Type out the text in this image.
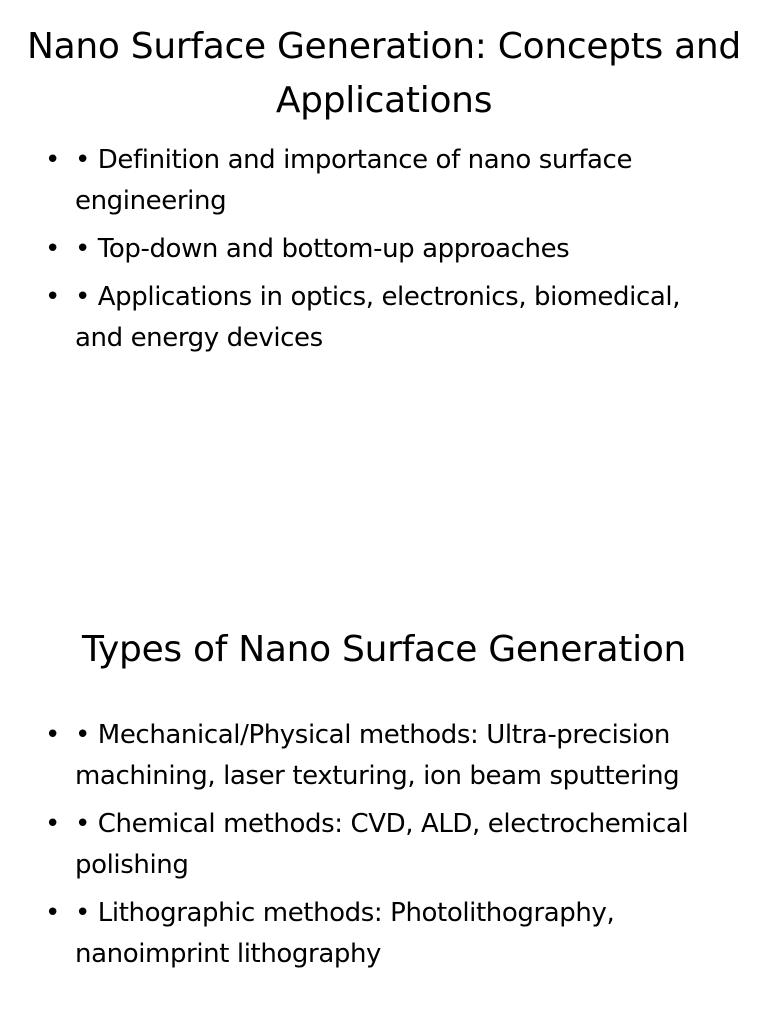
Nano Surface Generation: Concepts and Applications
• • Definition and importance of nano surface engineering
• • Top-down and bottom-up approaches
• • Applications in optics, electronics, biomedical, and energy devices
Types of Nano Surface Generation
• • Mechanical/Physical methods: Ultra-precision machining, laser texturing, ion beam sputtering
• • Chemical methods: CVD, ALD, electrochemical polishing
• • Lithographic methods: Photolithography, nanoimprint lithography
